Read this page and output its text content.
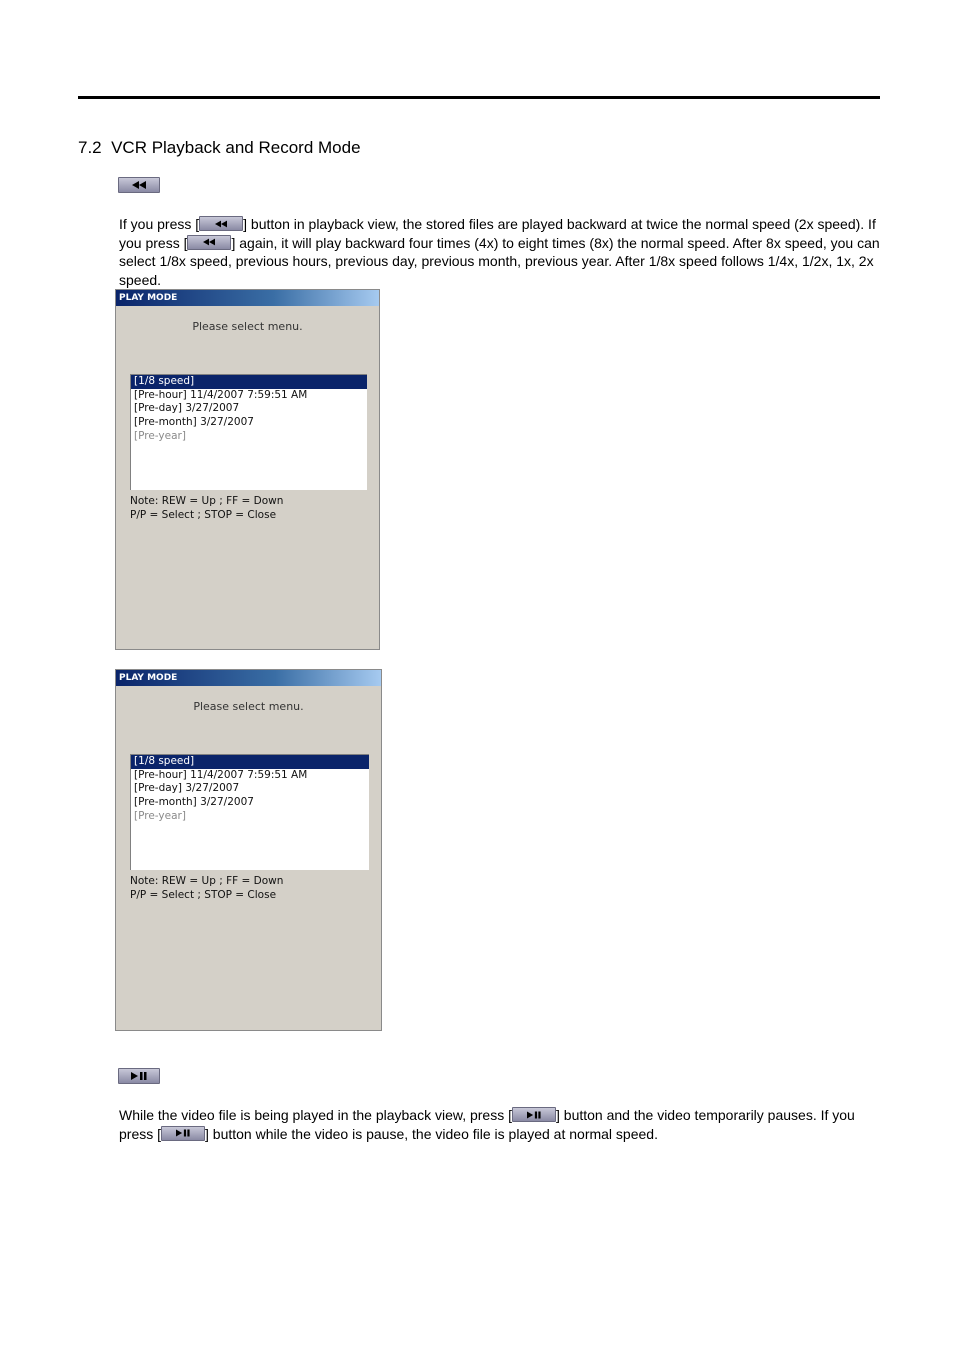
7.2  VCR Playback and Record Mode
If you press [	] button in playback view, the stored files are played backward at twice the normal speed (2x speed). If you press [	] again, it will play backward four times (4x) to eight times (8x) the normal speed. After 8x speed, you can select 1/8x speed, previous hours, previous day, previous month, previous year. After 1/8x speed follows 1/4x, 1/2x, 1x, 2x speed.
PLAY MODE
Please select menu.
[1/8 speed]
[Pre-hour] 11/4/2007 7:59:51 AM
[Pre-day] 3/27/2007
[Pre-month] 3/27/2007
[Pre-year]
Note: REW = Up ; FF = Down
P/P = Select ; STOP = Close
PLAY MODE
Please select menu.
[1/8 speed]
[Pre-hour] 11/4/2007 7:59:51 AM
[Pre-day] 3/27/2007
[Pre-month] 3/27/2007
[Pre-year]
Note: REW = Up ; FF = Down
P/P = Select ; STOP = Close
While the video file is being played in the playback view, press [	] button and the video temporarily pauses. If you press [	] button while the video is pause, the video file is played at normal speed.
